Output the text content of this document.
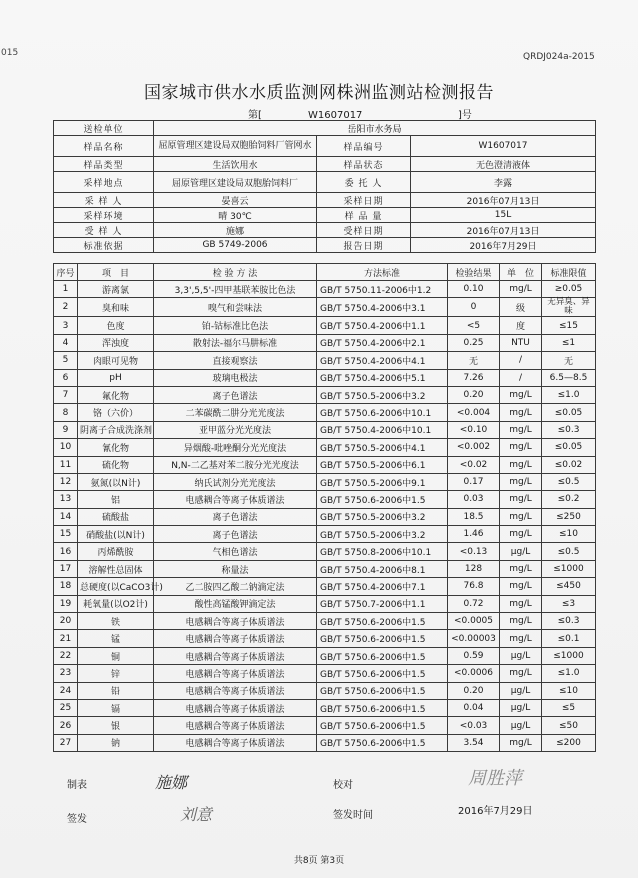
015	QRDJ024a-2015
国家城市供水水质监测网株洲监测站检测报告
第[	W1607017	]号
送检单位	岳阳市水务局		
样品名称	屈原管理区建设局双胞胎饲料厂管网水	样品编号	W1607017
样品类型	生活饮用水	样品状态	无色澄清液体
采样地点	屈原管理区建设局双胞胎饲料厂	委 托 人	李露
采 样 人	晏喜云	采样日期	2016年07月13日
采样环境	晴 30℃	样 品 量	15L
受 样 人	施娜	受样日期	2016年07月13日
标准依据	GB 5749-2006	报告日期	2016年7月29日
序号	项　目	检 验 方 法	方法标准	检验结果	单　位	标准限值
1	游离氯	3,3',5,5'-四甲基联苯胺比色法	GB/T 5750.11-2006中1.2	0.10	mg/L	≥0.05
2	臭和味	嗅气和尝味法	GB/T 5750.4-2006中3.1	0	级	无异臭、异味
3	色度	铂-钴标准比色法	GB/T 5750.4-2006中1.1	<5	度	≤15
4	浑浊度	散射法-福尔马肼标准	GB/T 5750.4-2006中2.1	0.25	NTU	≤1
5	肉眼可见物	直接观察法	GB/T 5750.4-2006中4.1	无	/	无
6	pH	玻璃电极法	GB/T 5750.4-2006中5.1	7.26	/	6.5—8.5
7	氟化物	离子色谱法	GB/T 5750.5-2006中3.2	0.20	mg/L	≤1.0
8	铬（六价）	二苯碳酰二肼分光光度法	GB/T 5750.6-2006中10.1	<0.004	mg/L	≤0.05
9	阴离子合成洗涤剂	亚甲蓝分光光度法	GB/T 5750.4-2006中10.1	<0.10	mg/L	≤0.3
10	氰化物	异烟酸-吡唑酮分光光度法	GB/T 5750.5-2006中4.1	<0.002	mg/L	≤0.05
11	硫化物	N,N-二乙基对苯二胺分光光度法	GB/T 5750.5-2006中6.1	<0.02	mg/L	≤0.02
12	氨氮(以N计)	纳氏试剂分光光度法	GB/T 5750.5-2006中9.1	0.17	mg/L	≤0.5
13	铝	电感耦合等离子体质谱法	GB/T 5750.6-2006中1.5	0.03	mg/L	≤0.2
14	硫酸盐	离子色谱法	GB/T 5750.5-2006中3.2	18.5	mg/L	≤250
15	硝酸盐(以N计)	离子色谱法	GB/T 5750.5-2006中3.2	1.46	mg/L	≤10
16	丙烯酰胺	气相色谱法	GB/T 5750.8-2006中10.1	<0.13	μg/L	≤0.5
17	溶解性总固体	称量法	GB/T 5750.4-2006中8.1	128	mg/L	≤1000
18	总硬度(以CaCO3计)	乙二胺四乙酸二钠滴定法	GB/T 5750.4-2006中7.1	76.8	mg/L	≤450
19	耗氧量(以O2计)	酸性高锰酸钾滴定法	GB/T 5750.7-2006中1.1	0.72	mg/L	≤3
20	铁	电感耦合等离子体质谱法	GB/T 5750.6-2006中1.5	<0.0005	mg/L	≤0.3
21	锰	电感耦合等离子体质谱法	GB/T 5750.6-2006中1.5	<0.00003	mg/L	≤0.1
22	铜	电感耦合等离子体质谱法	GB/T 5750.6-2006中1.5	0.59	μg/L	≤1000
23	锌	电感耦合等离子体质谱法	GB/T 5750.6-2006中1.5	<0.0006	mg/L	≤1.0
24	铅	电感耦合等离子体质谱法	GB/T 5750.6-2006中1.5	0.20	μg/L	≤10
25	镉	电感耦合等离子体质谱法	GB/T 5750.6-2006中1.5	0.04	μg/L	≤5
26	银	电感耦合等离子体质谱法	GB/T 5750.6-2006中1.5	<0.03	μg/L	≤50
27	钠	电感耦合等离子体质谱法	GB/T 5750.6-2006中1.5	3.54	mg/L	≤200
制表	施娜	校对	周胜萍
签发	刘意	签发时间	2016年7月29日
共8页 第3页
